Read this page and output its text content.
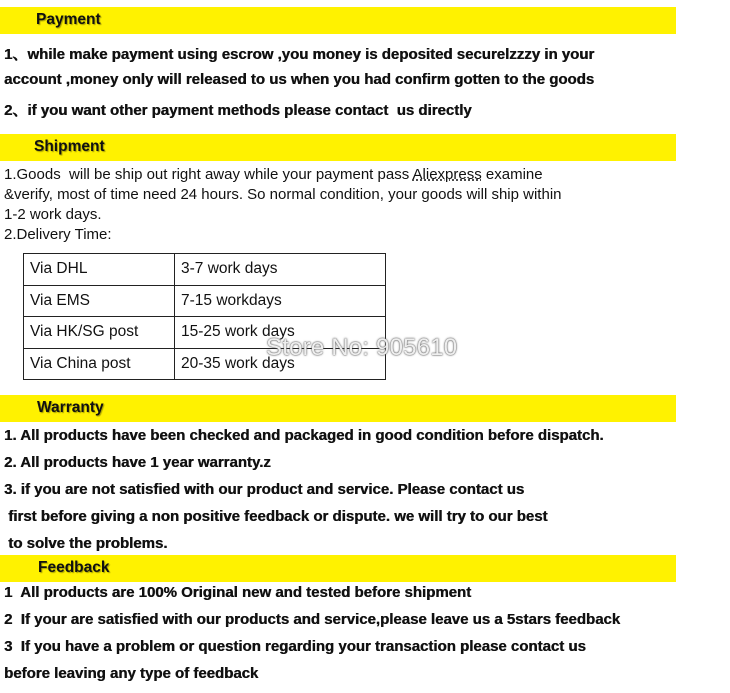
Payment
1、while make payment using escrow ,you money is deposited securelzzzy in your
account ,money only will released to us when you had confirm gotten to the goods
2、if you want other payment methods please contact  us directly
Shipment
1.Goods  will be ship out right away while your payment pass Aliexpress examine
&verify, most of time need 24 hours. So normal condition, your goods will ship within
1-2 work days.
2.Delivery Time:
Via DHL	3-7 work days
Via EMS	7-15 workdays
Via HK/SG post	15-25 work days
Via China post	20-35 work days
Store No: 905610
Warranty
1. All products have been checked and packaged in good condition before dispatch.
2. All products have 1 year warranty.z
3. if you are not satisfied with our product and service. Please contact us
first before giving a non positive feedback or dispute. we will try to our best
to solve the problems.
Feedback
1  All products are 100% Original new and tested before shipment
2  If your are satisfied with our products and service,please leave us a 5stars feedback
3  If you have a problem or question regarding your transaction please contact us
before leaving any type of feedback
